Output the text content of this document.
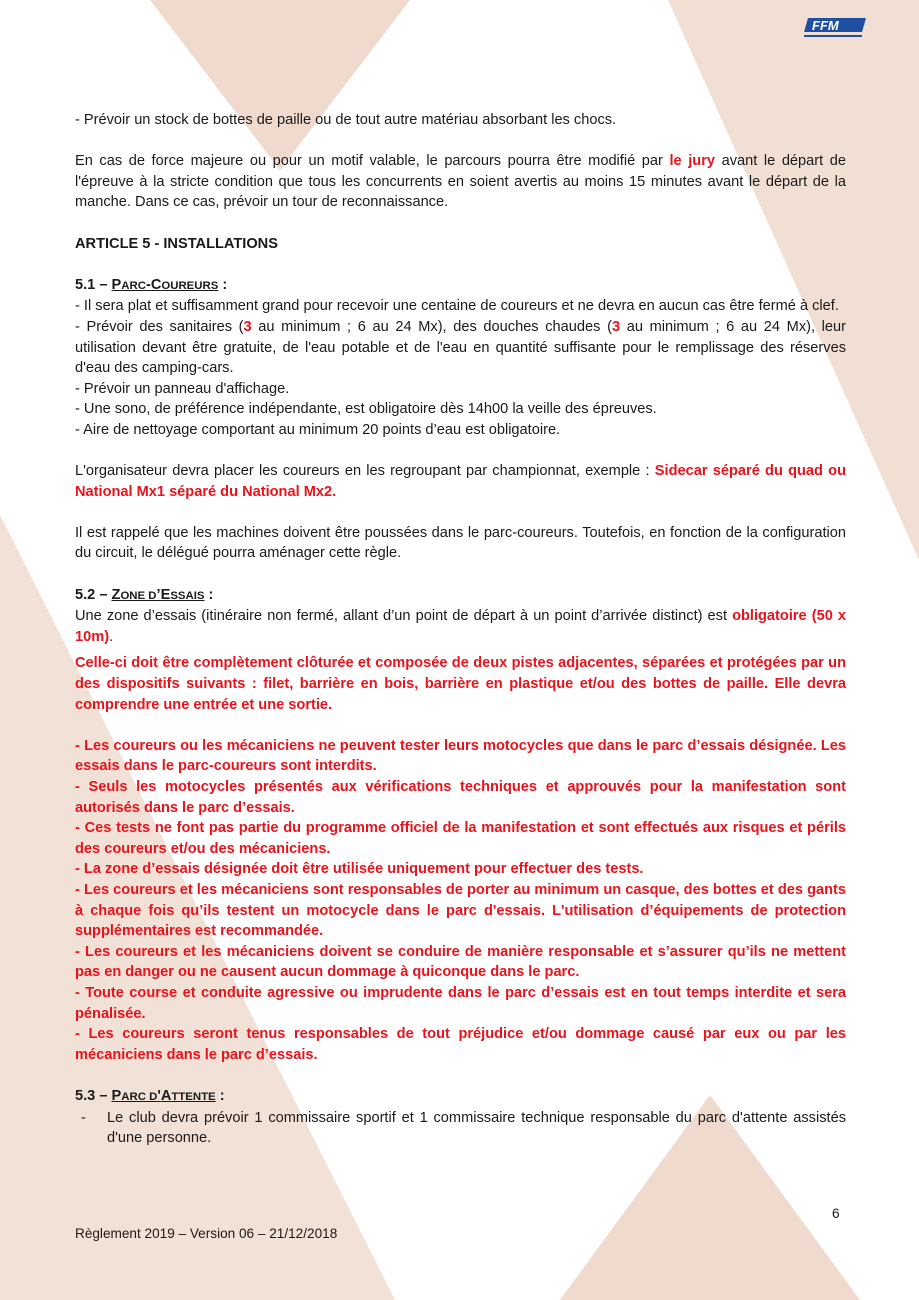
FFM

- Prévoir un stock de bottes de paille ou de tout autre matériau absorbant les chocs.

En cas de force majeure ou pour un motif valable, le parcours pourra être modifié par le jury avant le départ de l'épreuve à la stricte condition que tous les concurrents en soient avertis au moins 15 minutes avant le départ de la manche. Dans ce cas, prévoir un tour de reconnaissance.

ARTICLE 5 - INSTALLATIONS

5.1 – PARC-COUREURS :

- Il sera plat et suffisamment grand pour recevoir une centaine de coureurs et ne devra en aucun cas être fermé à clef.

- Prévoir des sanitaires (3 au minimum ; 6 au 24 Mx), des douches chaudes (3 au minimum ; 6 au 24 Mx), leur utilisation devant être gratuite, de l'eau potable et de l'eau en quantité suffisante pour le remplissage des réserves d'eau des camping-cars.

- Prévoir un panneau d'affichage.

- Une sono, de préférence indépendante, est obligatoire dès 14h00 la veille des épreuves.

- Aire de nettoyage comportant au minimum 20 points d’eau est obligatoire.

L'organisateur devra placer les coureurs en les regroupant par championnat, exemple : Sidecar séparé du quad ou National Mx1 séparé du National Mx2.

Il est rappelé que les machines doivent être poussées dans le parc-coureurs. Toutefois, en fonction de la configuration du circuit, le délégué pourra aménager cette règle.

5.2 – ZONE D’ESSAIS :

Une zone d’essais (itinéraire non fermé, allant d’un point de départ à un point d’arrivée distinct) est obligatoire (50 x 10m).

Celle-ci doit être complètement clôturée et composée de deux pistes adjacentes, séparées et protégées par un des dispositifs suivants : filet, barrière en bois, barrière en plastique et/ou des bottes de paille. Elle devra comprendre une entrée et une sortie.

- Les coureurs ou les mécaniciens ne peuvent tester leurs motocycles que dans le parc d’essais désignée. Les essais dans le parc-coureurs sont interdits.

- Seuls les motocycles présentés aux vérifications techniques et approuvés pour la manifestation sont autorisés dans le parc d’essais.

- Ces tests ne font pas partie du programme officiel de la manifestation et sont effectués aux risques et périls des coureurs et/ou des mécaniciens.

- La zone d’essais désignée doit être utilisée uniquement pour effectuer des tests.

- Les coureurs et les mécaniciens sont responsables de porter au minimum un casque, des bottes et des gants à chaque fois qu’ils testent un motocycle dans le parc d'essais. L'utilisation d’équipements de protection supplémentaires est recommandée.

- Les coureurs et les mécaniciens doivent se conduire de manière responsable et s’assurer qu’ils ne mettent pas en danger ou ne causent aucun dommage à quiconque dans le parc.

- Toute course et conduite agressive ou imprudente dans le parc d’essais est en tout temps interdite et sera pénalisée.

- Les coureurs seront tenus responsables de tout préjudice et/ou dommage causé par eux ou par les mécaniciens dans le parc d’essais.

5.3 – PARC D'ATTENTE :

-	Le club devra prévoir 1 commissaire sportif et 1 commissaire technique responsable du parc d'attente assistés d'une personne.
6
Règlement 2019 – Version 06 – 21/12/2018
